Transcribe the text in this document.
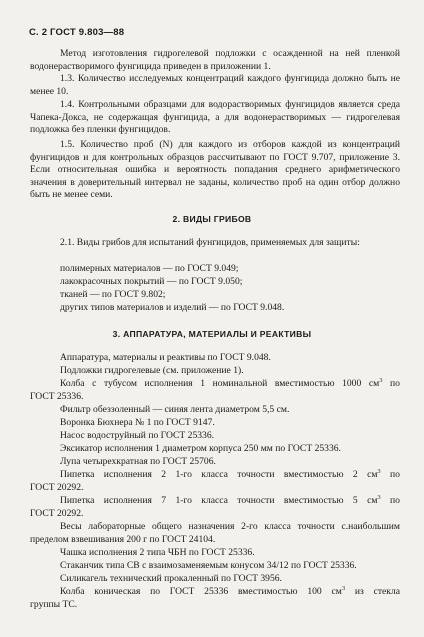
С. 2 ГОСТ 9.803—88
Метод изготовления гидрогелевой подложки с осажденной на ней пленкой водонерастворимого фунгицида приведен в приложении 1.
1.3. Количество исследуемых концентраций каждого фунгицида должно быть не менее 10.
1.4. Контрольными образцами для водорастворимых фунгицидов является среда Чапека-Докса, не содержащая фунгицида, а для водонерастворимых — гидрогелевая подложка без пленки фунгицидов.
1.5. Количество проб (N) для каждого из отборов каждой из концентраций фунгицидов и для контрольных образцов рассчитывают по ГОСТ 9.707, приложение 3. Если относительная ошибка и вероятность попадания среднего арифметического значения в доверительный интервал не заданы, количество проб на один отбор должно быть не менее семи.
2. ВИДЫ ГРИБОВ
2.1. Виды грибов для испытаний фунгицидов, применяемых для защиты:
полимерных материалов — по ГОСТ 9.049;
лакокрасочных покрытий — по ГОСТ 9.050;
тканей — по ГОСТ 9.802;
других типов материалов и изделий — по ГОСТ 9.048.
3. АППАРАТУРА, МАТЕРИАЛЫ И РЕАКТИВЫ
Аппаратура, материалы и реактивы по ГОСТ 9.048.
Подложки гидрогелевые (см. приложение 1).
Колба с тубусом исполнения 1 номинальной вместимостью 1000 $см^3$ по
ГОСТ 25336.
Фильтр обеззоленный — синяя лента диаметром 5,5 см.
Воронка Бюхнера № 1 по ГОСТ 9147.
Насос водоструйный по ГОСТ 25336.
Эксикатор исполнения 1 диаметром корпуса 250 мм по ГОСТ 25336.
Лупа четырехкратная по ГОСТ 25706.
Пипетка исполнения 2 1-го класса точности вместимостью 2 $см^3$ по
ГОСТ 20292.
Пипетка исполнения 7 1-го класса точности вместимостью 5 $см^3$ по
ГОСТ 20292.
Весы лабораторные общего назначения 2-го класса точности с.наибольшим пределом взвешивания 200 г по ГОСТ 24104.
Чашка исполнения 2 типа ЧБН по ГОСТ 25336.
Стаканчик типа СВ с взаимозаменяемым конусом 34/12 по ГОСТ 25336.
Силикагель технический прокаленный по ГОСТ 3956.
Колба коническая по ГОСТ 25336 вместимостью 100 $см^3$ из стекла
группы ТС.
